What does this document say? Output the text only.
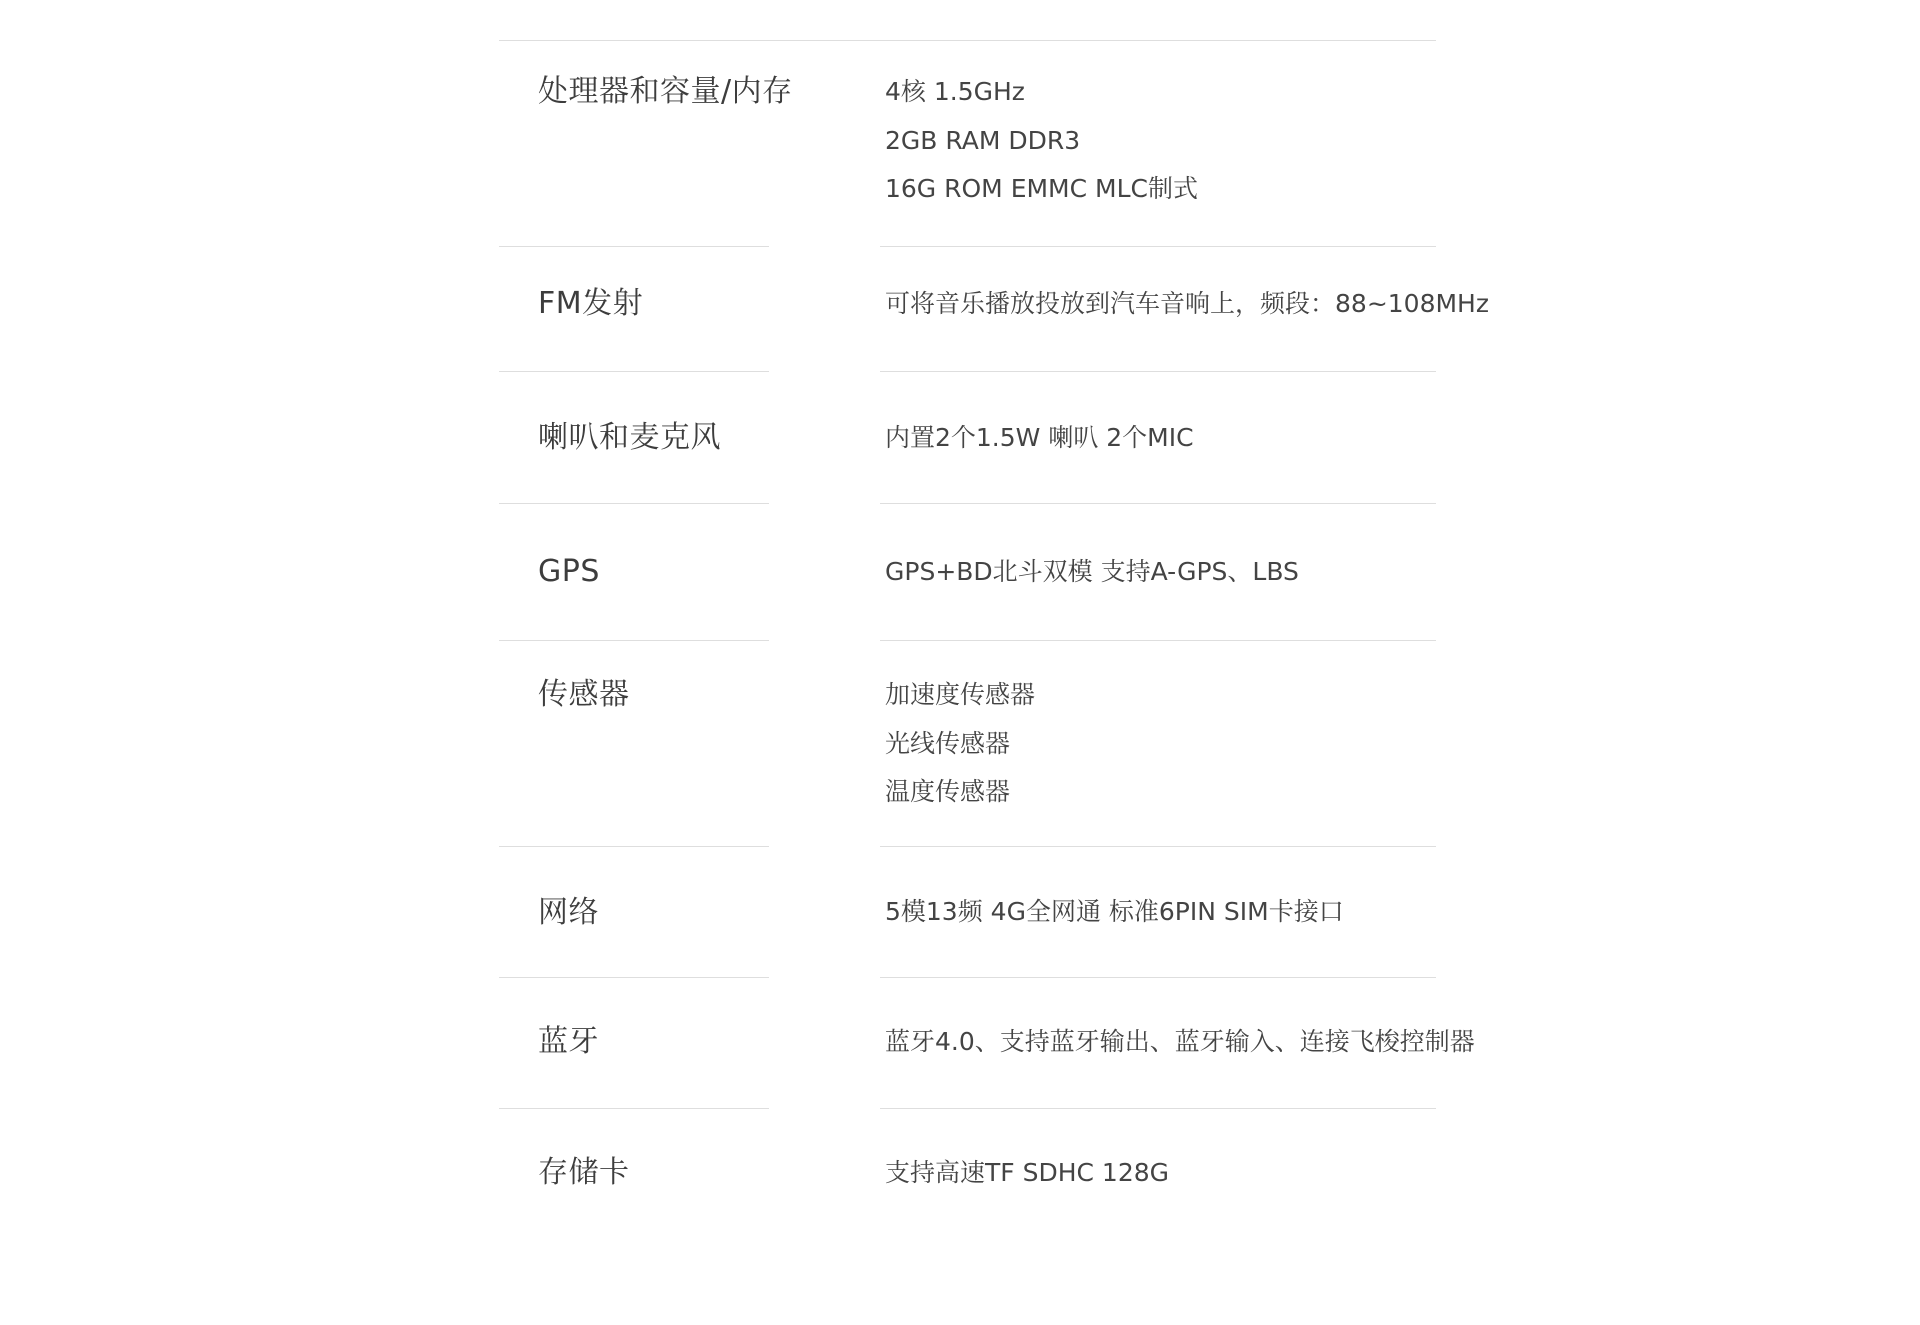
处理器和容量/内存	4核 1.5GHz
2GB RAM DDR3
16G ROM EMMC MLC制式
FM发射	可将音乐播放投放到汽车音响上，频段：88~108MHz
喇叭和麦克风	内置2个1.5W 喇叭 2个MIC
GPS	GPS+BD北斗双模 支持A-GPS、LBS
传感器	加速度传感器
光线传感器
温度传感器
网络	5模13频 4G全网通 标准6PIN SIM卡接口
蓝牙	蓝牙4.0、支持蓝牙输出、蓝牙输入、连接飞梭控制器
存储卡	支持高速TF SDHC 128G
